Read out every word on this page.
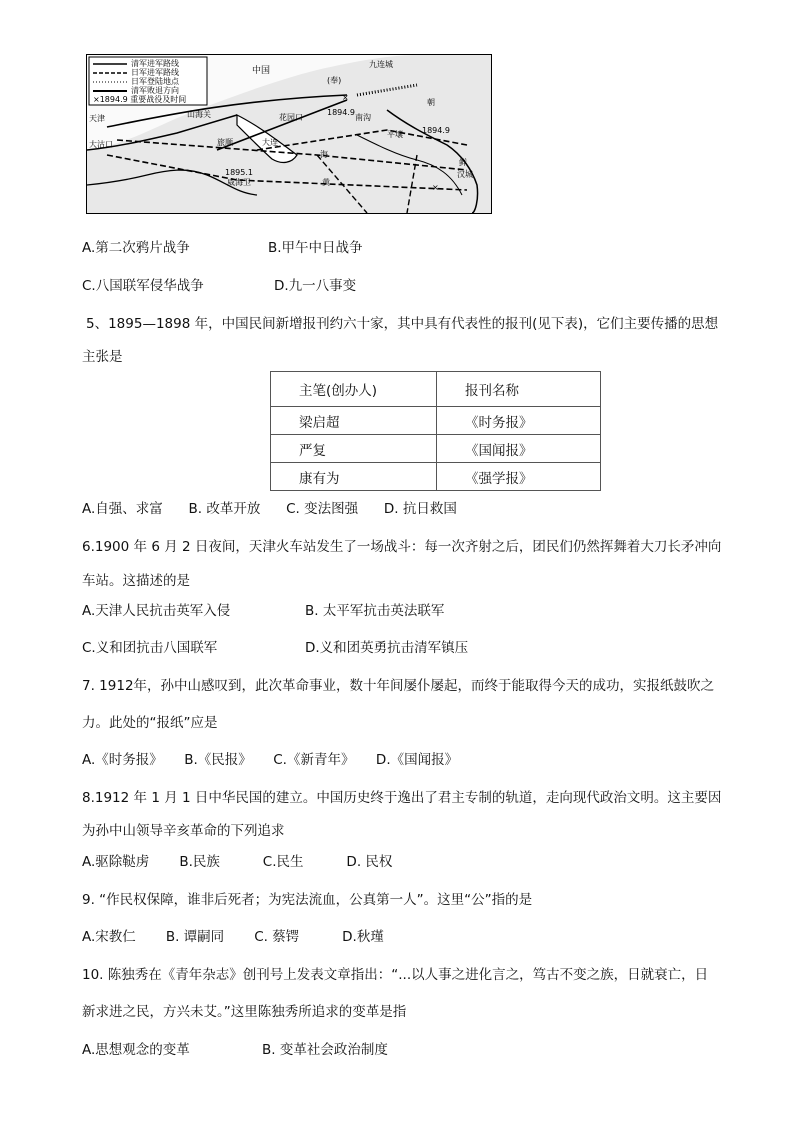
清军进军路线
日军进军路线
日军登陆地点
清军败退方向
×1894.9 重要战役及时间
中国
(奉)
九连城
天津
大沽口
山海关	花园口
旅顺	大连
威海卫
1895.1
1894.9
南沟
平壤 1894.9
汉城
朝
鲜
黄
海
×
×
A.第二次鸦片战争	B.甲午中日战争
C.八国联军侵华战争	D.九一八事变
5、1895—1898 年，中国民间新增报刊约六十家，其中具有代表性的报刊(见下表)，它们主要传播的思想
主张是
主笔(创办人)	报刊名称
梁启超	《时务报》
严复	《国闻报》
康有为	《强学报》
A.自强、求富      B. 改革开放      C. 变法图强      D. 抗日救国
6.1900 年 6 月 2 日夜间，天津火车站发生了一场战斗：每一次齐射之后，团民们仍然挥舞着大刀长矛冲向
车站。这描述的是
A.天津人民抗击英军入侵	B. 太平军抗击英法联军
C.义和团抗击八国联军	D.义和团英勇抗击清军镇压
7. 1912年，孙中山感叹到，此次革命事业，数十年间屡仆屡起，而终于能取得今天的成功，实报纸鼓吹之
力。此处的“报纸”应是
A.《时务报》     B.《民报》     C.《新青年》     D.《国闻报》
8.1912 年 1 月 1 日中华民国的建立。中国历史终于逸出了君主专制的轨道，走向现代政治文明。这主要因
为孙中山领导辛亥革命的下列追求
A.驱除鞑虏       B.民族          C.民生          D. 民权
9. “作民权保障，谁非后死者；为宪法流血，公真第一人”。这里“公”指的是
A.宋教仁       B. 谭嗣同       C. 蔡锷          D.秋瑾
10. 陈独秀在《青年杂志》创刊号上发表文章指出：“...以人事之进化言之，笃古不变之族，日就衰亡，日
新求进之民，方兴未艾。”这里陈独秀所追求的变革是指
A.思想观念的变革	B. 变革社会政治制度
